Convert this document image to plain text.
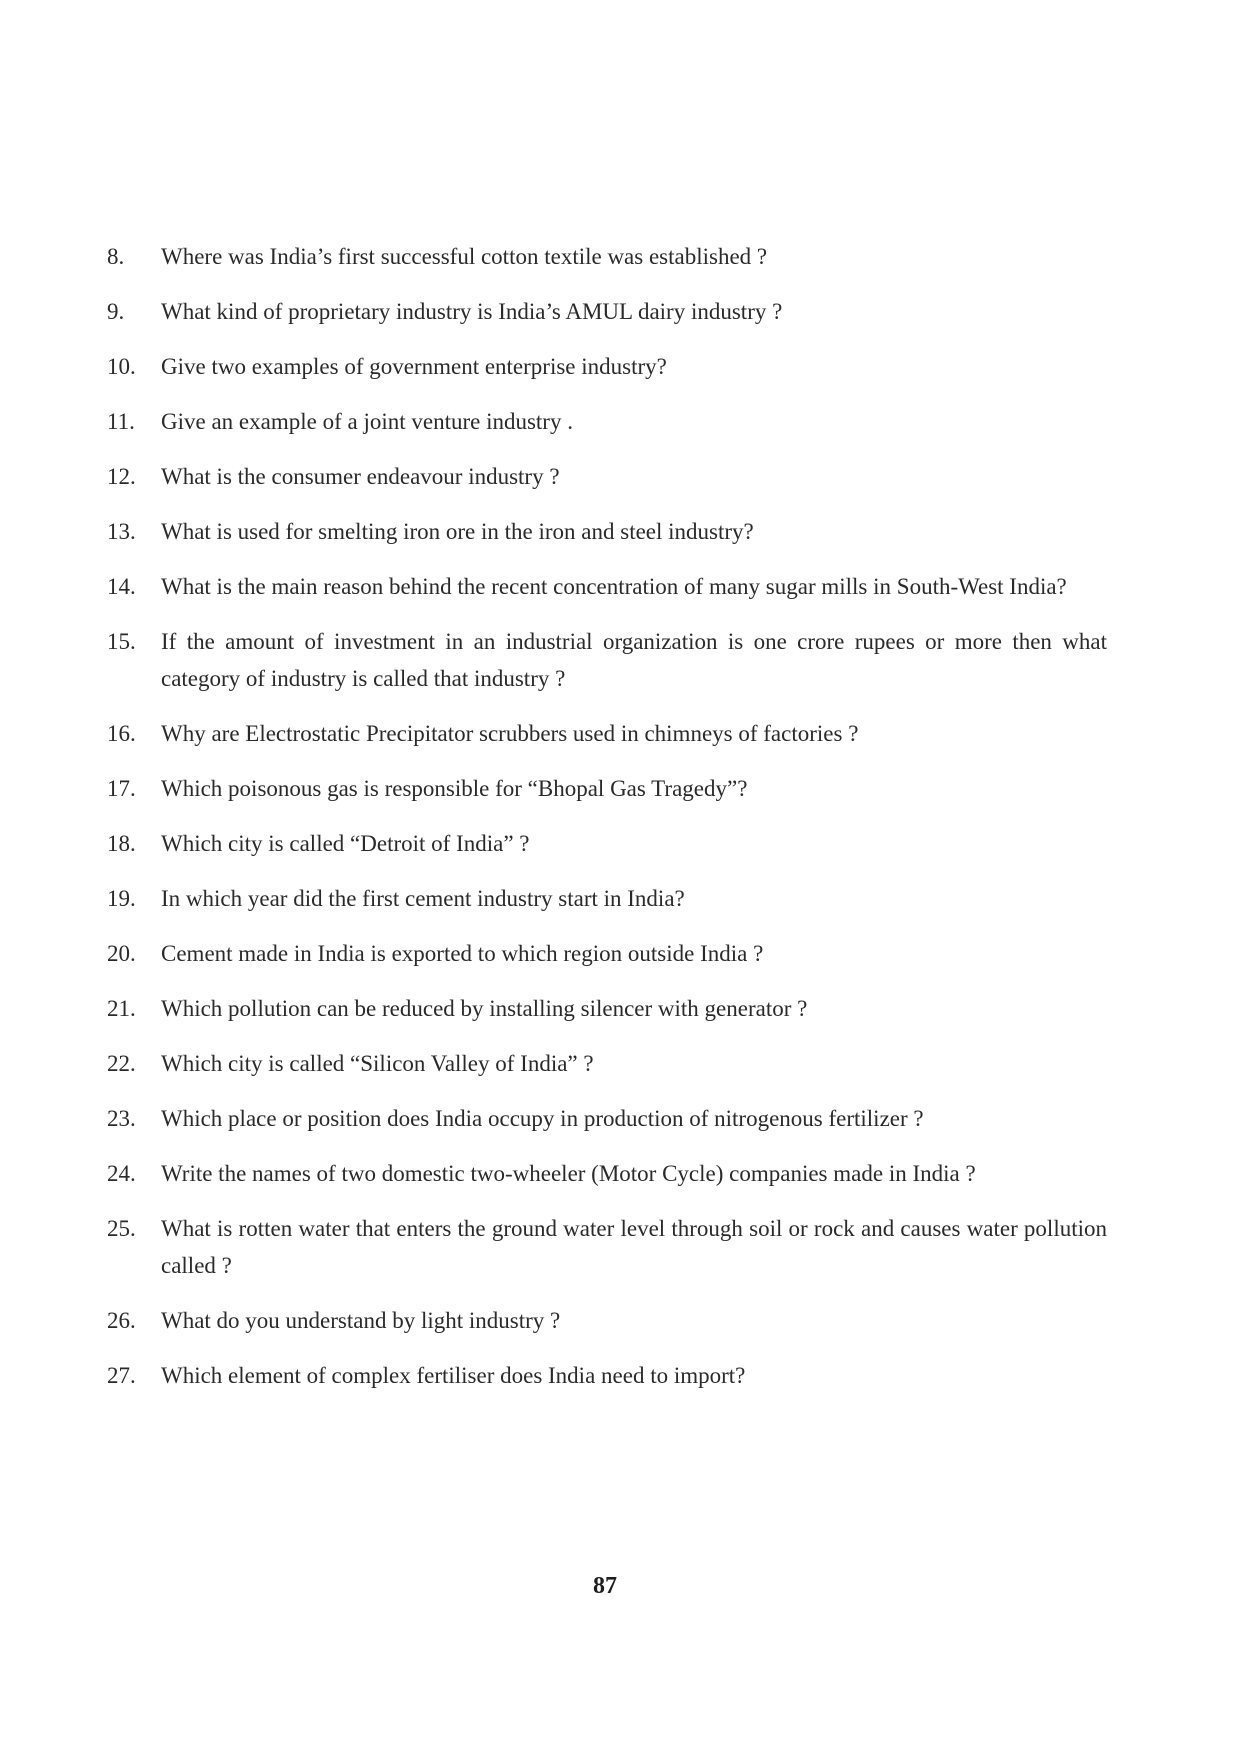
8.	Where was India’s first successful cotton textile was established ?
9.	What kind of proprietary industry is India’s AMUL dairy industry ?
10.	Give two examples of government enterprise industry?
11.	Give an example of a joint venture industry .
12.	What is the consumer endeavour industry ?
13.	What is used for smelting iron ore in the iron and steel industry?
14.	What is the main reason behind the recent concentration of many sugar mills in South-West India?
15.	If the amount of investment in an industrial organization is one crore rupees or more then what category of industry is called that industry ?
16.	Why are Electrostatic Precipitator scrubbers used in chimneys of factories ?
17.	Which poisonous gas is responsible for “Bhopal Gas Tragedy”?
18.	Which city is called “Detroit of India” ?
19.	In which year did the first cement industry start in India?
20.	Cement made in India is exported to which region outside India ?
21.	Which pollution can be reduced by installing silencer with generator ?
22.	Which city is called “Silicon Valley of India” ?
23.	Which place or position does India occupy in production of nitrogenous fertilizer ?
24.	Write the names of two domestic two-wheeler (Motor Cycle) companies made in India ?
25.	What is rotten water that enters the ground water level through soil or rock and causes water pollution called ?
26.	What do you understand by light industry ?
27.	Which element of complex fertiliser does India need to import?
87
